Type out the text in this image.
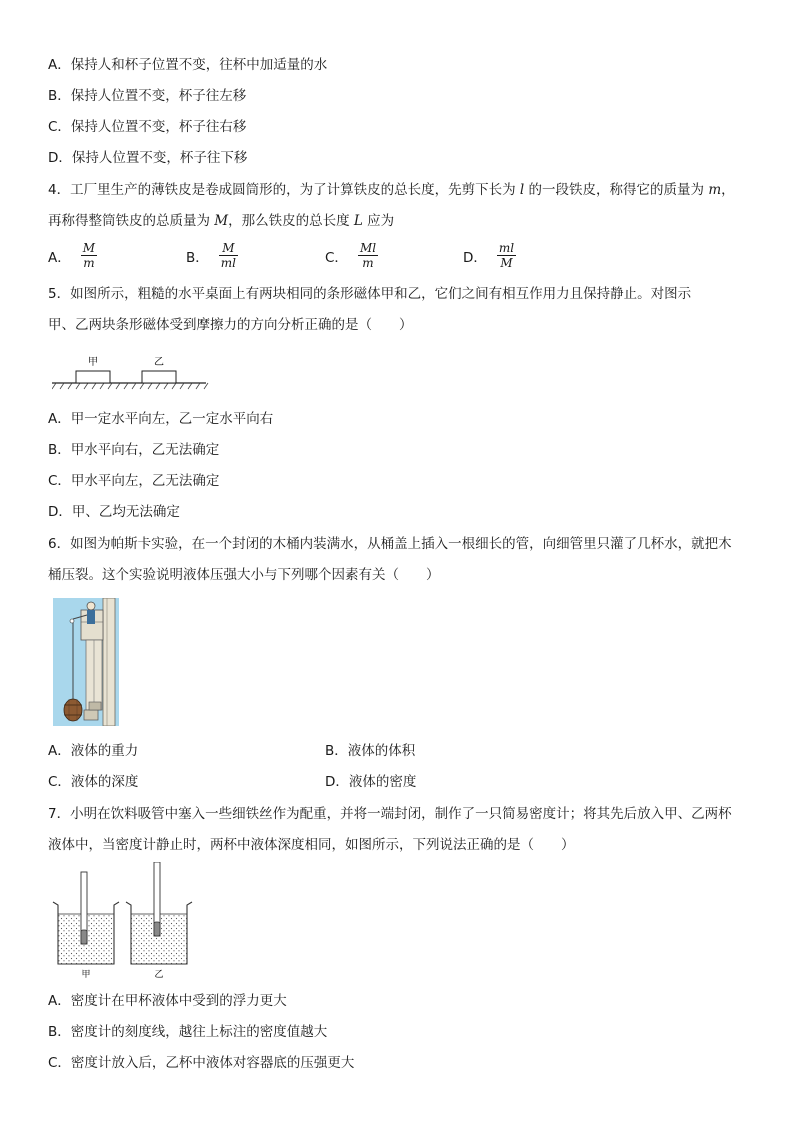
A．保持人和杯子位置不变，往杯中加适量的水
B．保持人位置不变，杯子往左移
C．保持人位置不变，杯子往右移
D．保持人位置不变，杯子往下移
4．工厂里生产的薄铁皮是卷成圆筒形的，为了计算铁皮的总长度，先剪下长为 l 的一段铁皮，称得它的质量为 m，
再称得整筒铁皮的总质量为 M，那么铁皮的总长度 L 应为
A． $\frac{M}{m}$	B． $\frac{M}{ml}$	C． $\frac{Ml}{m}$	D． $\frac{ml}{M}$
5．如图所示，粗糙的水平桌面上有两块相同的条形磁体甲和乙，它们之间有相互作用力且保持静止。对图示
甲、乙两块条形磁体受到摩擦力的方向分析正确的是（　　）
甲	乙
A．甲一定水平向左，乙一定水平向右
B．甲水平向右，乙无法确定
C．甲水平向左，乙无法确定
D．甲、乙均无法确定
6．如图为帕斯卡实验，在一个封闭的木桶内装满水，从桶盖上插入一根细长的管，向细管里只灌了几杯水，就把木
桶压裂。这个实验说明液体压强大小与下列哪个因素有关（　　）
A．液体的重力	B．液体的体积
C．液体的深度	D．液体的密度
7．小明在饮料吸管中塞入一些细铁丝作为配重，并将一端封闭，制作了一只简易密度计；将其先后放入甲、乙两杯
液体中，当密度计静止时，两杯中液体深度相同，如图所示，下列说法正确的是（　　）
甲	乙
A．密度计在甲杯液体中受到的浮力更大
B．密度计的刻度线，越往上标注的密度值越大
C．密度计放入后，乙杯中液体对容器底的压强更大
